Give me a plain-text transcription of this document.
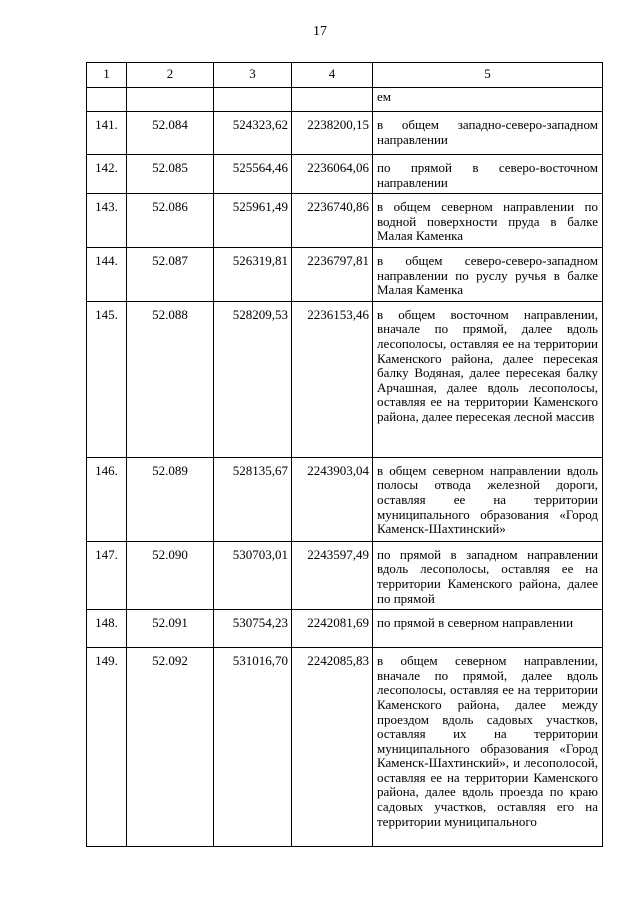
17
1	2	3	4	5
				ем
141.	52.084	524323,62	2238200,15	в общем западно-северо-западном направлении
142.	52.085	525564,46	2236064,06	по прямой в северо-восточном направлении
143.	52.086	525961,49	2236740,86	в общем северном направлении по водной поверхности пруда в балке Малая Каменка
144.	52.087	526319,81	2236797,81	в общем северо-северо-западном направлении по руслу ручья в балке Малая Каменка
145.	52.088	528209,53	2236153,46	в общем восточном направлении, вначале по прямой, далее вдоль лесополосы, оставляя ее на территории Каменского района, далее пересекая балку Водяная, далее пересекая балку Арчашная, далее вдоль лесополосы, оставляя ее на территории Каменского района, далее пересекая лесной массив
146.	52.089	528135,67	2243903,04	в общем северном направлении вдоль полосы отвода железной дороги, оставляя ее на территории муниципального образования «Город Каменск-Шахтинский»
147.	52.090	530703,01	2243597,49	по прямой в западном направлении вдоль лесополосы, оставляя ее на территории Каменского района, далее по прямой
148.	52.091	530754,23	2242081,69	по прямой в северном направлении
149.	52.092	531016,70	2242085,83	в общем северном направлении, вначале по прямой, далее вдоль лесополосы, оставляя ее на территории Каменского района, далее между проездом вдоль садовых участков, оставляя их на территории муниципального образования «Город Каменск-Шахтинский», и лесополосой, оставляя ее на территории Каменского района, далее вдоль проезда по краю садовых участков, оставляя его на территории муниципального
